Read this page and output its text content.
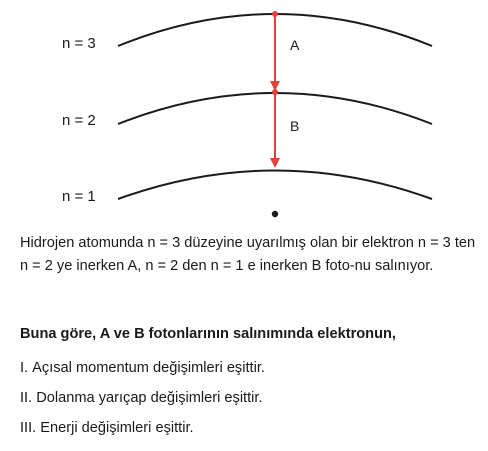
n = 3
n = 2
n = 1
A
B

Hidrojen atomunda n = 3 düzeyine uyarılmış olan bir elektron n = 3 ten n = 2 ye inerken A, n = 2 den n = 1 e inerken B foto-nu salınıyor.

Buna göre, A ve B fotonlarının salınımında elektronun,

I. Açısal momentum değişimleri eşittir.
II. Dolanma yarıçap değişimleri eşittir.
III. Enerji değişimleri eşittir.
